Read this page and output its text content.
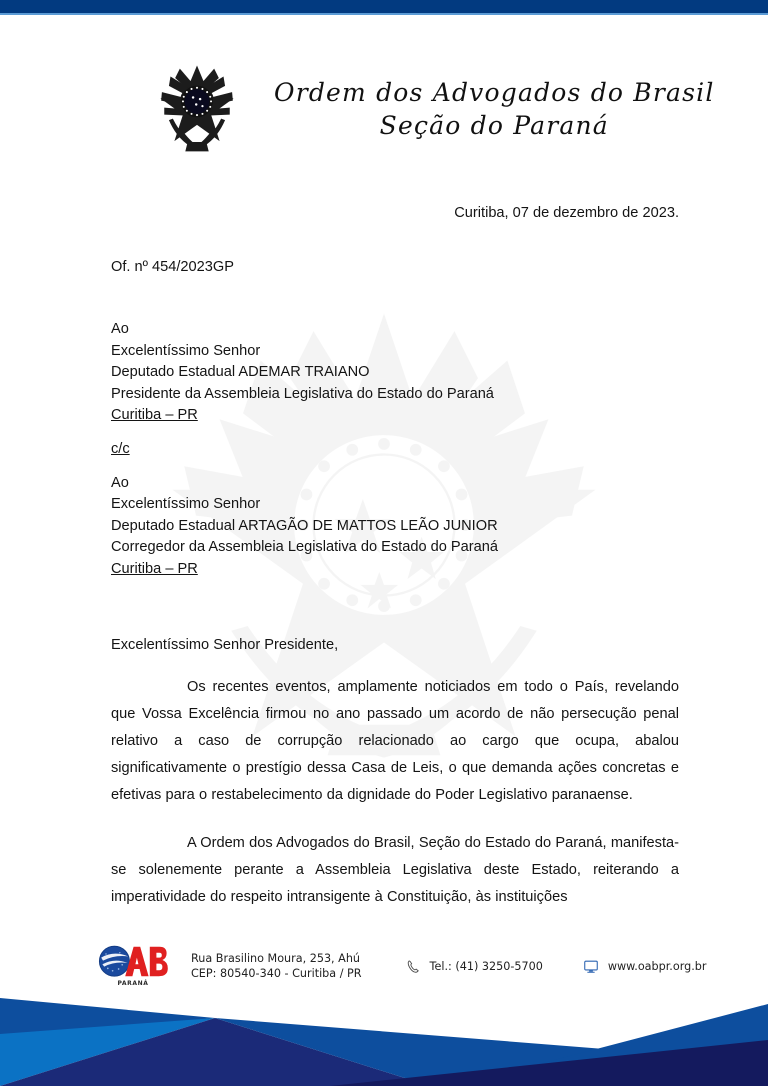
Ordem dos Advogados do Brasil
Seção do Paraná

Curitiba, 07 de dezembro de 2023.

Of. nº 454/2023GP

Ao
Excelentíssimo Senhor
Deputado Estadual ADEMAR TRAIANO
Presidente da Assembleia Legislativa do Estado do Paraná
Curitiba – PR

c/c

Ao
Excelentíssimo Senhor
Deputado Estadual ARTAGÃO DE MATTOS LEÃO JUNIOR
Corregedor da Assembleia Legislativa do Estado do Paraná
Curitiba – PR

Excelentíssimo Senhor Presidente,

Os recentes eventos, amplamente noticiados em todo o País, revelando que Vossa Excelência firmou no ano passado um acordo de não persecução penal relativo a caso de corrupção relacionado ao cargo que ocupa, abalou significativamente o prestígio dessa Casa de Leis, o que demanda ações concretas e efetivas para o restabelecimento da dignidade do Poder Legislativo paranaense.

A Ordem dos Advogados do Brasil, Seção do Estado do Paraná, manifesta-se solenemente perante a Assembleia Legislativa deste Estado, reiterando a imperatividade do respeito intransigente à Constituição, às instituições

PARANÁ
Rua Brasilino Moura, 253, Ahú
CEP: 80540-340 - Curitiba / PR
Tel.: (41) 3250-5700	www.oabpr.org.br
